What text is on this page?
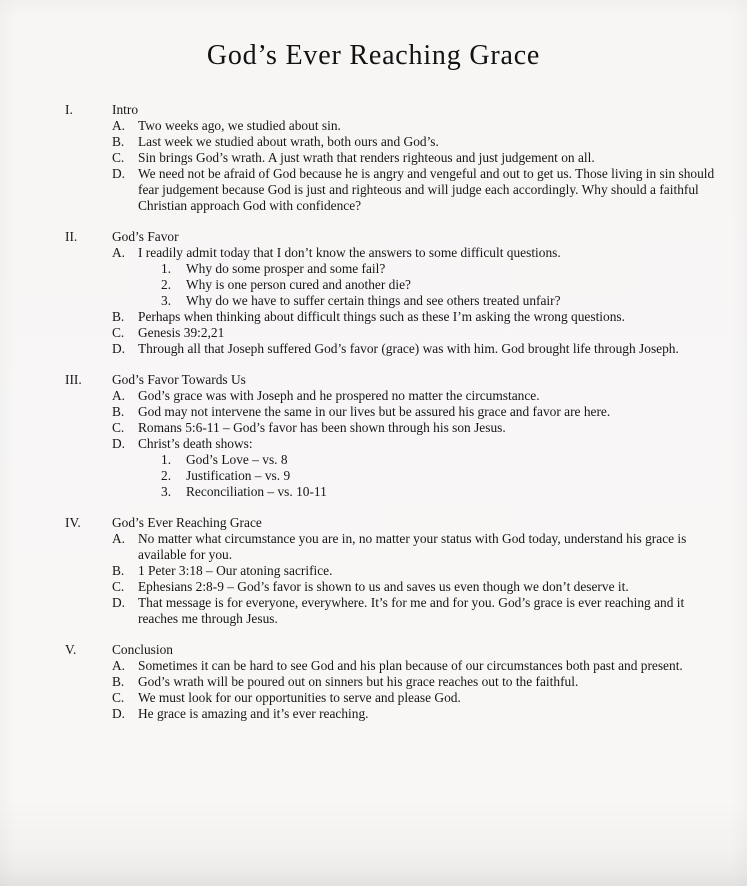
God’s Ever Reaching Grace
I.	Intro
A. Two weeks ago, we studied about sin.
B.	Last week we studied about wrath, both ours and God’s.
C.	Sin brings God’s wrath. A just wrath that renders righteous and just judgement on all.
D. We need not be afraid of God because he is angry and vengeful and out to get us. Those living in sin should fear judgement because God is just and righteous and will judge each accordingly. Why should a faithful Christian approach God with confidence?
II.	God’s Favor
A. I readily admit today that I don’t know the answers to some difficult questions.
1.	Why do some prosper and some fail?
2.	Why is one person cured and another die?
3.	Why do we have to suffer certain things and see others treated unfair?
B.	Perhaps when thinking about difficult things such as these I’m asking the wrong questions.
C.	Genesis 39:2,21
D. Through all that Joseph suffered God’s favor (grace) was with him. God brought life through Joseph.
III.	God’s Favor Towards Us
A. God’s grace was with Joseph and he prospered no matter the circumstance.
B.	God may not intervene the same in our lives but be assured his grace and favor are here.
C.	Romans 5:6-11 – God’s favor has been shown through his son Jesus.
D. Christ’s death shows:
1.	God’s Love – vs. 8
2.	Justification – vs. 9
3.	Reconciliation – vs. 10-11
IV.	God’s Ever Reaching Grace
A. No matter what circumstance you are in, no matter your status with God today, understand his grace is available for you.
B.	1 Peter 3:18 – Our atoning sacrifice.
C.	Ephesians 2:8-9 – God’s favor is shown to us and saves us even though we don’t deserve it.
D. That message is for everyone, everywhere. It’s for me and for you. God’s grace is ever reaching and it reaches me through Jesus.
V.	Conclusion
A. Sometimes it can be hard to see God and his plan because of our circumstances both past and present.
B.	God’s wrath will be poured out on sinners but his grace reaches out to the faithful.
C.	We must look for our opportunities to serve and please God.
D. He grace is amazing and it’s ever reaching.
